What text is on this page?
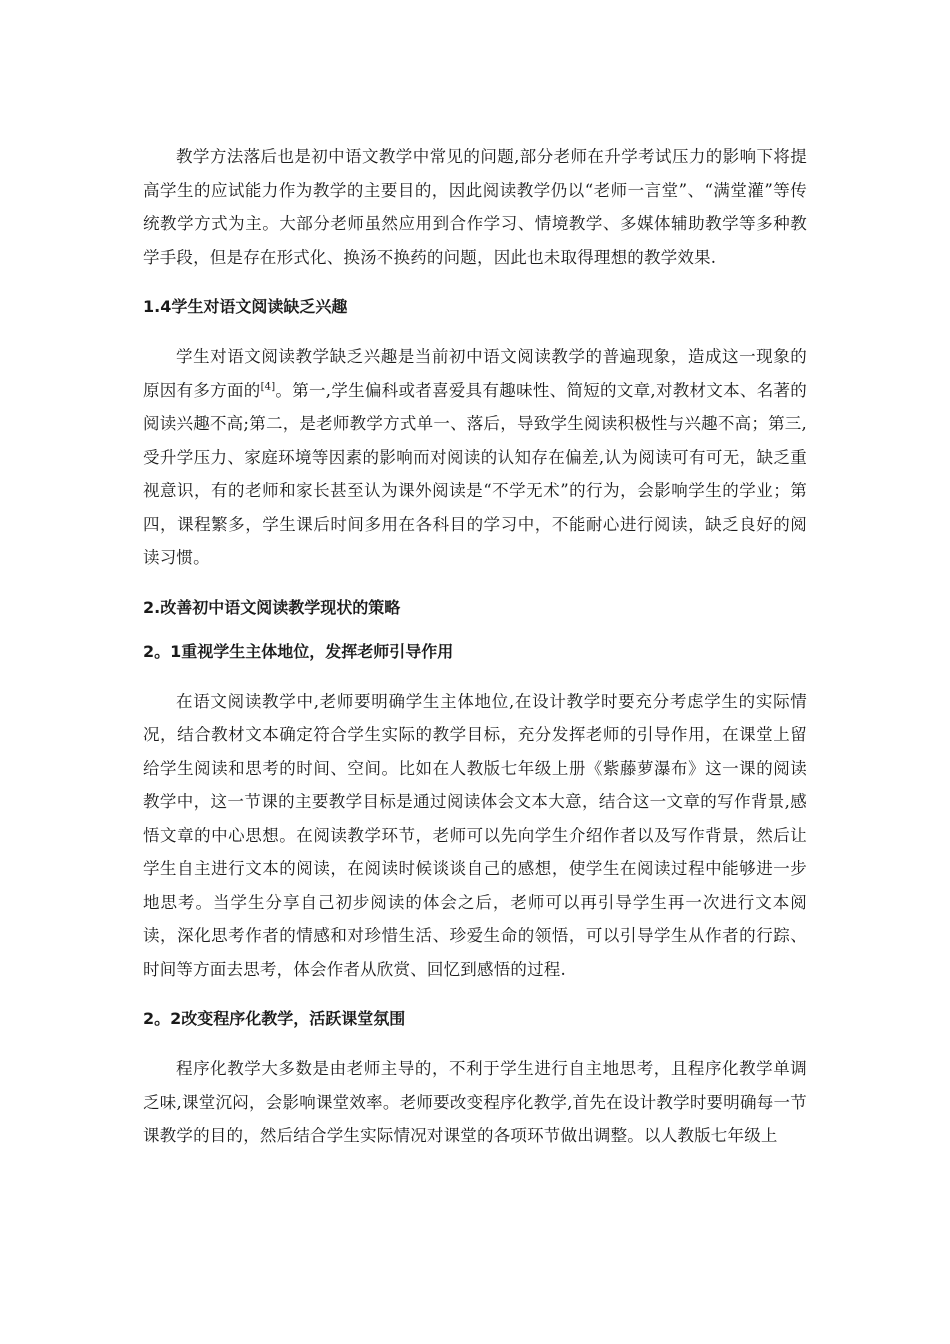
教学方法落后也是初中语文教学中常见的问题,部分老师在升学考试压力的影响下将提高学生的应试能力作为教学的主要目的，因此阅读教学仍以“老师一言堂”、“满堂灌”等传统教学方式为主。大部分老师虽然应用到合作学习、情境教学、多媒体辅助教学等多种教学手段，但是存在形式化、换汤不换药的问题，因此也未取得理想的教学效果.

1.4学生对语文阅读缺乏兴趣

学生对语文阅读教学缺乏兴趣是当前初中语文阅读教学的普遍现象，造成这一现象的原因有多方面的[4]。第一,学生偏科或者喜爱具有趣味性、简短的文章,对教材文本、名著的阅读兴趣不高;第二，是老师教学方式单一、落后，导致学生阅读积极性与兴趣不高；第三,受升学压力、家庭环境等因素的影响而对阅读的认知存在偏差,认为阅读可有可无，缺乏重视意识，有的老师和家长甚至认为课外阅读是“不学无术”的行为，会影响学生的学业；第四，课程繁多，学生课后时间多用在各科目的学习中，不能耐心进行阅读，缺乏良好的阅读习惯。

2.改善初中语文阅读教学现状的策略
2。1重视学生主体地位，发挥老师引导作用

在语文阅读教学中,老师要明确学生主体地位,在设计教学时要充分考虑学生的实际情况，结合教材文本确定符合学生实际的教学目标，充分发挥老师的引导作用，在课堂上留给学生阅读和思考的时间、空间。比如在人教版七年级上册《紫藤萝瀑布》这一课的阅读教学中，这一节课的主要教学目标是通过阅读体会文本大意，结合这一文章的写作背景,感悟文章的中心思想。在阅读教学环节，老师可以先向学生介绍作者以及写作背景，然后让学生自主进行文本的阅读，在阅读时候谈谈自己的感想，使学生在阅读过程中能够进一步地思考。当学生分享自己初步阅读的体会之后，老师可以再引导学生再一次进行文本阅读，深化思考作者的情感和对珍惜生活、珍爱生命的领悟，可以引导学生从作者的行踪、时间等方面去思考，体会作者从欣赏、回忆到感悟的过程.

2。2改变程序化教学，活跃课堂氛围

程序化教学大多数是由老师主导的，不利于学生进行自主地思考，且程序化教学单调乏味,课堂沉闷，会影响课堂效率。老师要改变程序化教学,首先在设计教学时要明确每一节课教学的目的，然后结合学生实际情况对课堂的各项环节做出调整。以人教版七年级上
